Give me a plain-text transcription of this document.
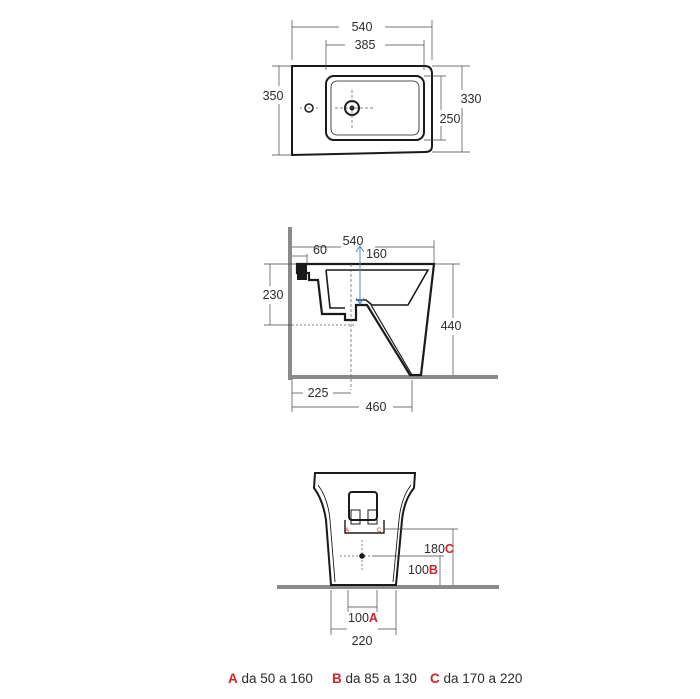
540
385
350	330
250
160
540
60
230
440
225
460
A	C
180C
100B
100A
220
A da 50 a 160 B da 85 a 130 C da 170 a 220
